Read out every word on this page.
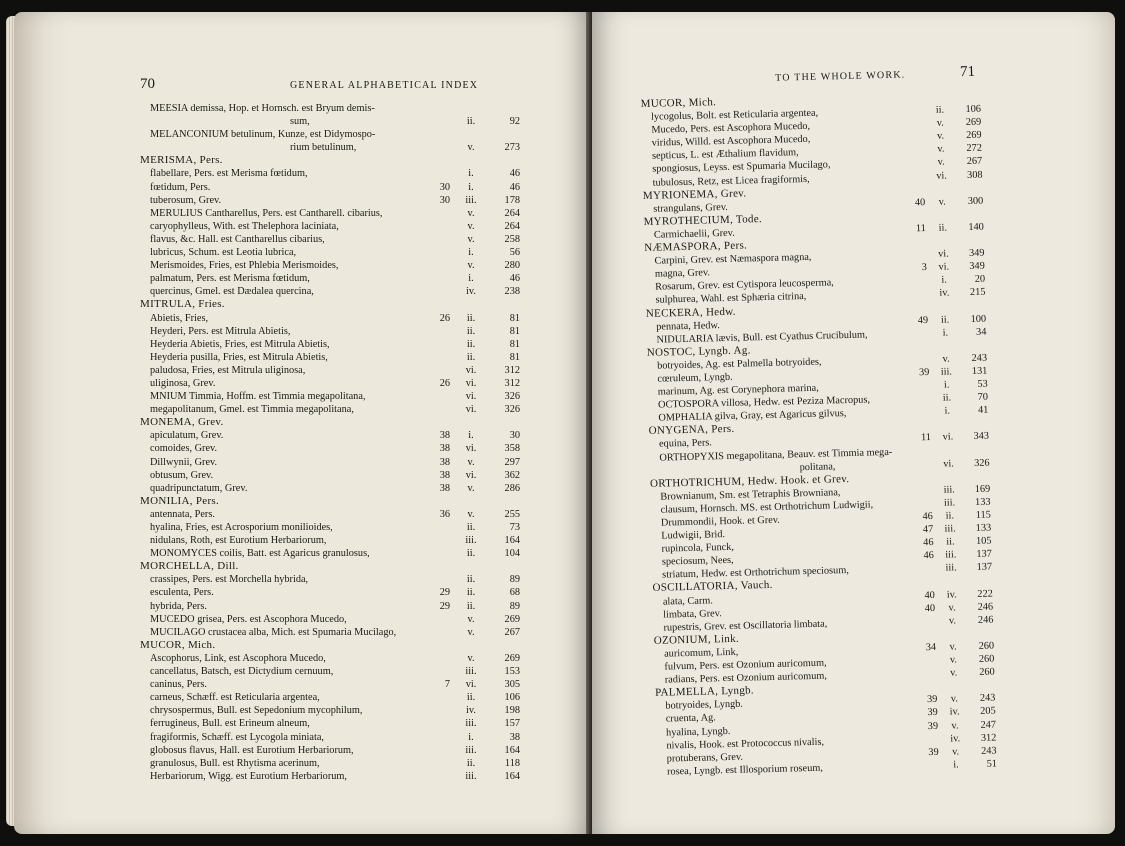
70	GENERAL ALPHABETICAL INDEX
MEESIA demissa, Hop. et Hornsch. est Bryum demis-
sum,	ii.	92
MELANCONIUM betulinum, Kunze, est Didymospo-
rium betulinum,	v.	273
MERISMA, Pers.
flabellare, Pers. est Merisma fœtidum,	i.	46
fœtidum, Pers.	30	i.	46
tuberosum, Grev.	30	iii.	178
MERULIUS Cantharellus, Pers. est Cantharell. cibarius,	v.	264
caryophylleus, With. est Thelephora laciniata,	v.	264
flavus, &c. Hall. est Cantharellus cibarius,	v.	258
lubricus, Schum. est Leotia lubrica,	i.	56
Merismoides, Fries, est Phlebia Merismoides,	v.	280
palmatum, Pers. est Merisma fœtidum,	i.	46
quercinus, Gmel. est Dædalea quercina,	iv.	238
MITRULA, Fries.
Abietis, Fries,	26	ii.	81
Heyderi, Pers. est Mitrula Abietis,	ii.	81
Heyderia Abietis, Fries, est Mitrula Abietis,	ii.	81
Heyderia pusilla, Fries, est Mitrula Abietis,	ii.	81
paludosa, Fries, est Mitrula uliginosa,	vi.	312
uliginosa, Grev.	26	vi.	312
MNIUM Timmia, Hoffm. est Timmia megapolitana,	vi.	326
megapolitanum, Gmel. est Timmia megapolitana,	vi.	326
MONEMA, Grev.
apiculatum, Grev.	38	i.	30
comoides, Grev.	38	vi.	358
Dillwynii, Grev.	38	v.	297
obtusum, Grev.	38	vi.	362
quadripunctatum, Grev.	38	v.	286
MONILIA, Pers.
antennata, Pers.	36	v.	255
hyalina, Fries, est Acrosporium monilioides,	ii.	73
nidulans, Roth, est Eurotium Herbariorum,	iii.	164
MONOMYCES coilis, Batt. est Agaricus granulosus,	ii.	104
MORCHELLA, Dill.
crassipes, Pers. est Morchella hybrida,	ii.	89
esculenta, Pers.	29	ii.	68
hybrida, Pers.	29	ii.	89
MUCEDO grisea, Pers. est Ascophora Mucedo,	v.	269
MUCILAGO crustacea alba, Mich. est Spumaria Mucilago,	v.	267
MUCOR, Mich.
Ascophorus, Link, est Ascophora Mucedo,	v.	269
cancellatus, Batsch, est Dictydium cernuum,	iii.	153
caninus, Pers.	7	vi.	305
carneus, Schæff. est Reticularia argentea,	ii.	106
chrysospermus, Bull. est Sepedonium mycophilum,	iv.	198
ferrugineus, Bull. est Erineum alneum,	iii.	157
fragiformis, Schæff. est Lycogola miniata,	i.	38
globosus flavus, Hall. est Eurotium Herbariorum,	iii.	164
granulosus, Bull. est Rhytisma acerinum,	ii.	118
Herbariorum, Wigg. est Eurotium Herbariorum,	iii.	164
TO THE WHOLE WORK.	71
MUCOR, Mich.
lycogolus, Bolt. est Reticularia argentea,	ii.	106
Mucedo, Pers. est Ascophora Mucedo,	v.	269
viridus, Willd. est Ascophora Mucedo,	v.	269
septicus, L. est Æthalium flavidum,	v.	272
spongiosus, Leyss. est Spumaria Mucilago,	v.	267
tubulosus, Retz, est Licea fragiformis,	vi.	308
MYRIONEMA, Grev.
strangulans, Grev.	40	v.	300
MYROTHECIUM, Tode.
Carmichaelii, Grev.	11	ii.	140
NÆMASPORA, Pers.
Carpini, Grev. est Næmaspora magna,	vi.	349
magna, Grev.	3	vi.	349
Rosarum, Grev. est Cytispora leucosperma,	i.	20
sulphurea, Wahl. est Sphæria citrina,	iv.	215
NECKERA, Hedw.
pennata, Hedw.	49	ii.	100
NIDULARIA lævis, Bull. est Cyathus Crucibulum,	i.	34
NOSTOC, Lyngb. Ag.
botryoides, Ag. est Palmella botryoides,	v.	243
cœruleum, Lyngb.	39	iii.	131
marinum, Ag. est Corynephora marina,	i.	53
OCTOSPORA villosa, Hedw. est Peziza Macropus,	ii.	70
OMPHALIA gilva, Gray, est Agaricus gilvus,	i.	41
ONYGENA, Pers.
equina, Pers.	11	vi.	343
ORTHOPYXIS megapolitana, Beauv. est Timmia mega-
politana,	vi.	326
ORTHOTRICHUM, Hedw. Hook. et Grev.
Brownianum, Sm. est Tetraphis Browniana,	iii.	169
clausum, Hornsch. MS. est Orthotrichum Ludwigii,	iii.	133
Drummondii, Hook. et Grev.	46	ii.	115
Ludwigii, Brid.	47	iii.	133
rupincola, Funck,	46	ii.	105
speciosum, Nees,	46	iii.	137
striatum, Hedw. est Orthotrichum speciosum,	iii.	137
OSCILLATORIA, Vauch.
alata, Carm.	40	iv.	222
limbata, Grev.	40	v.	246
rupestris, Grev. est Oscillatoria limbata,	v.	246
OZONIUM, Link.
auricomum, Link,	34	v.	260
fulvum, Pers. est Ozonium auricomum,	v.	260
radians, Pers. est Ozonium auricomum,	v.	260
PALMELLA, Lyngb.
botryoides, Lyngb.	39	v.	243
cruenta, Ag.	39	iv.	205
hyalina, Lyngb.	39	v.	247
nivalis, Hook. est Protococcus nivalis,	iv.	312
protuberans, Grev.	39	v.	243
rosea, Lyngb. est Illosporium roseum,	i.	51
